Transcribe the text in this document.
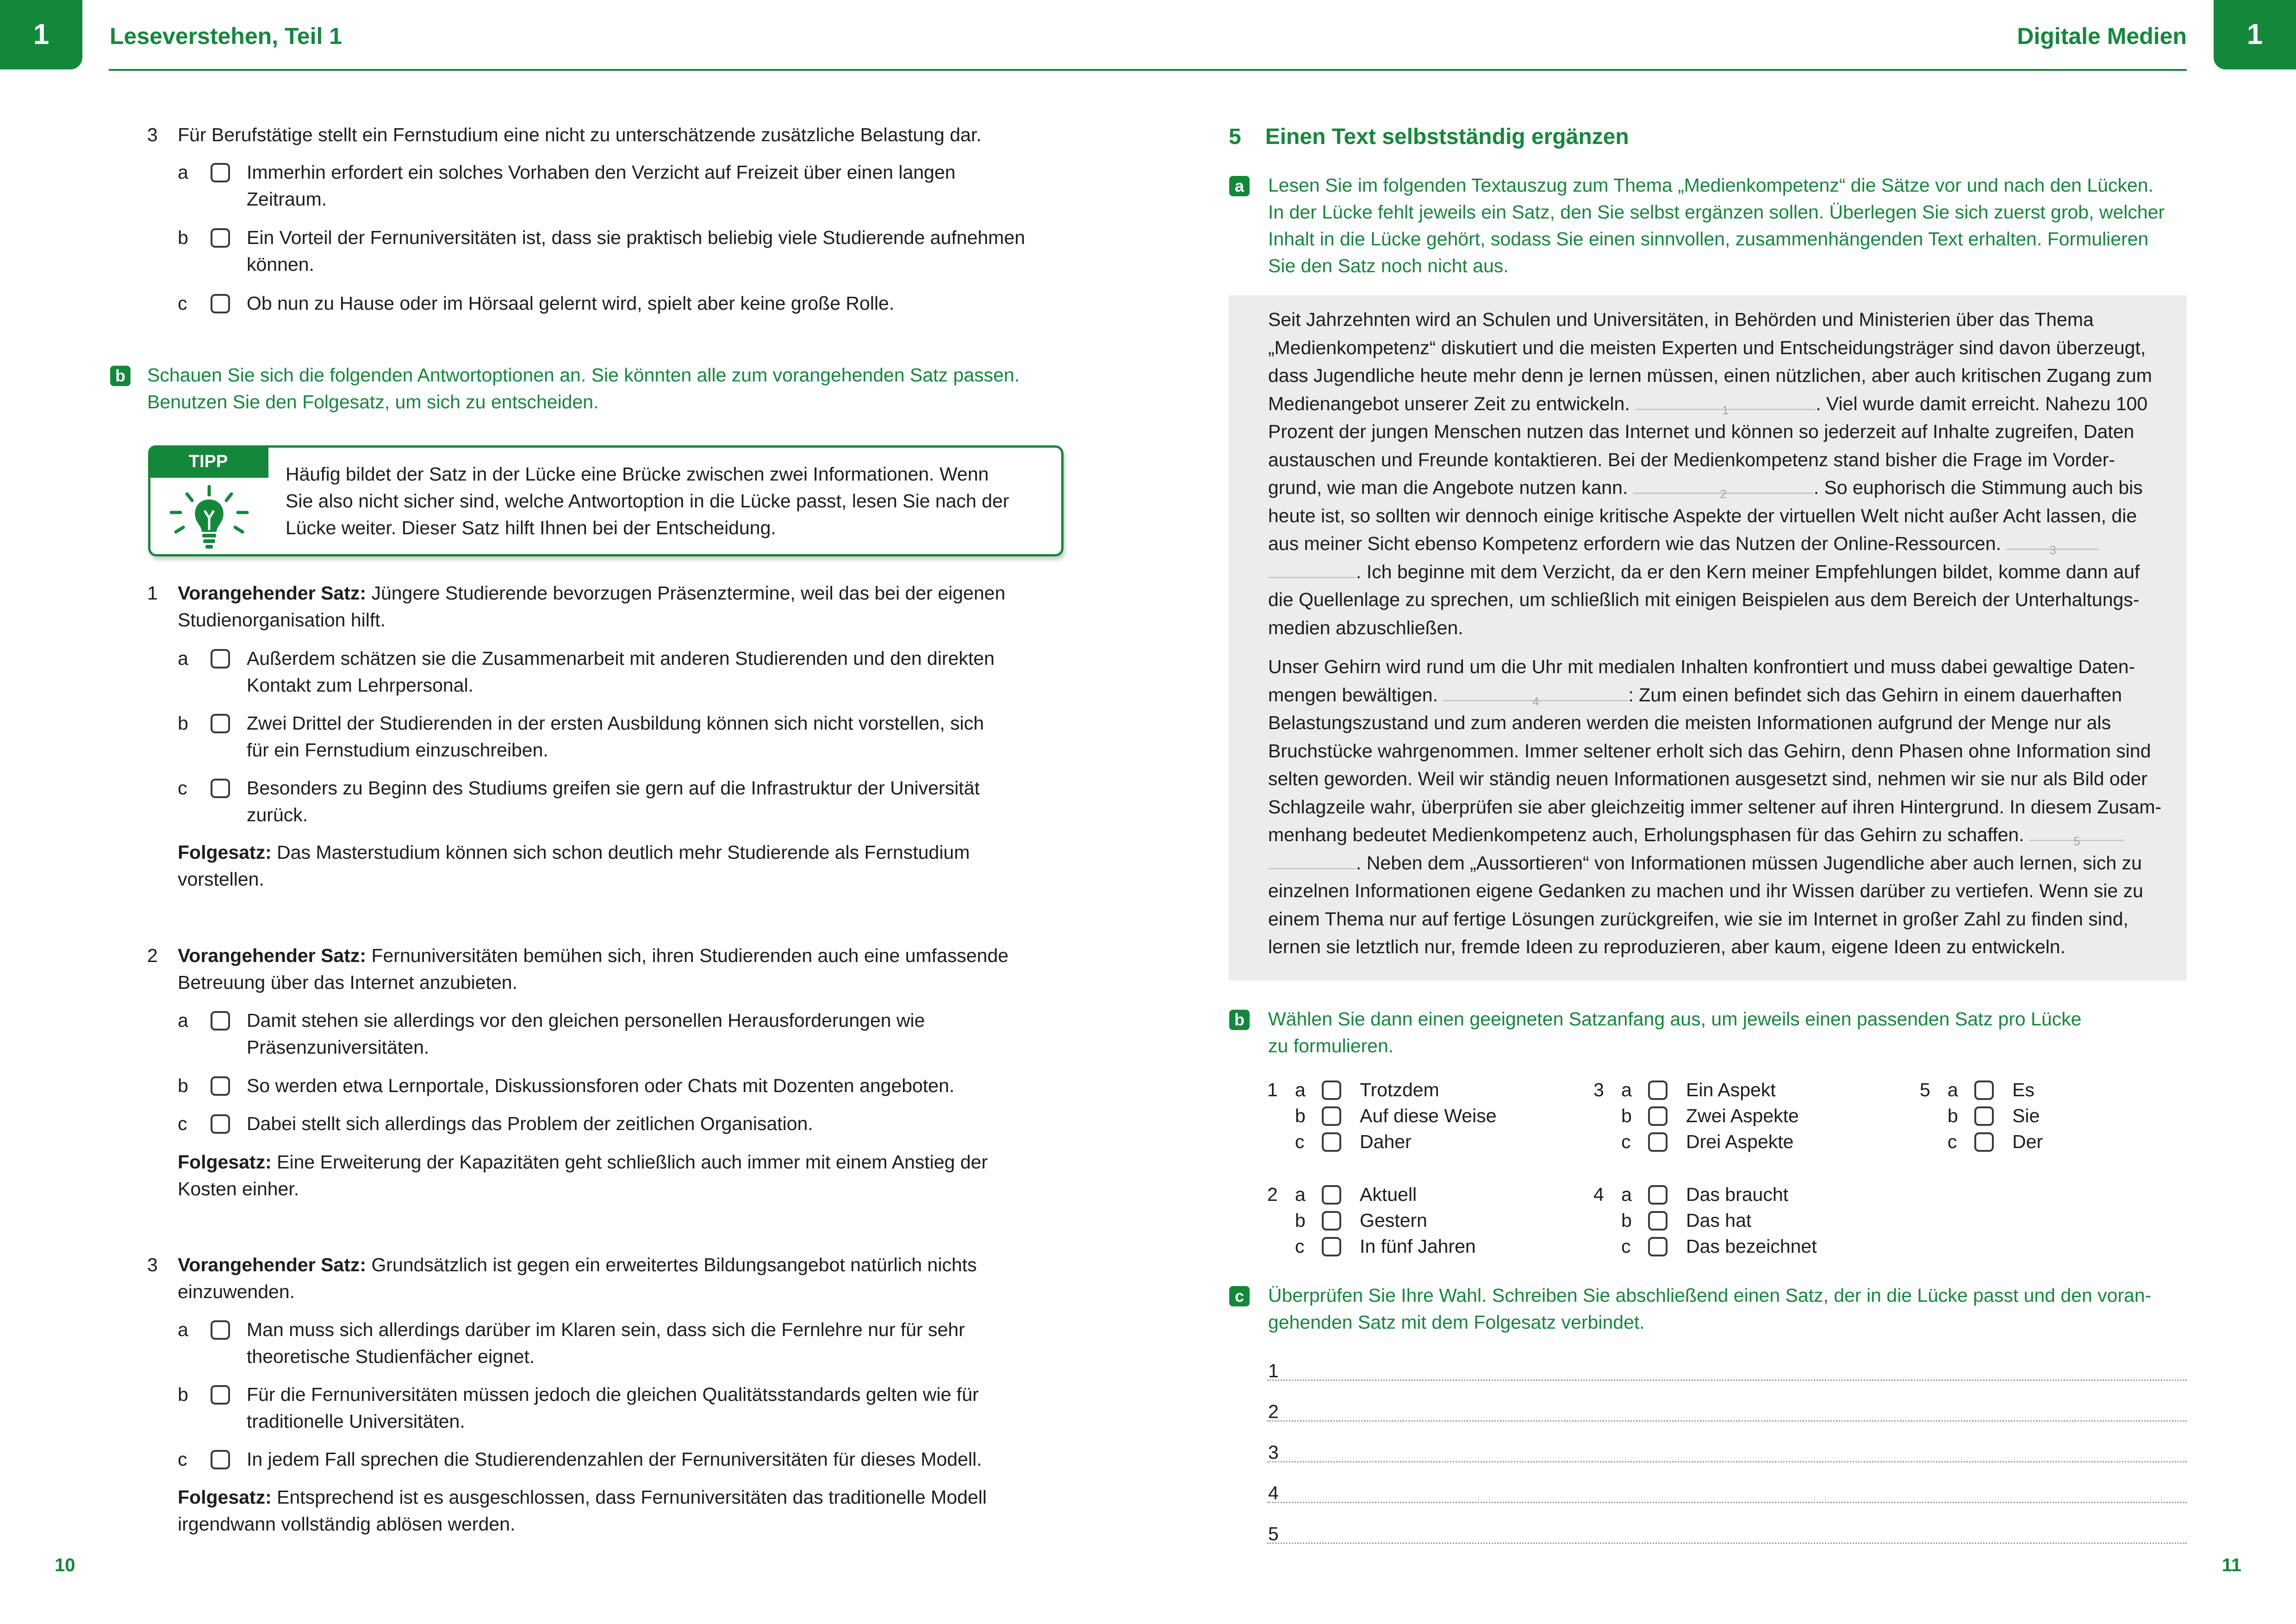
1	Leseverstehen, Teil 1	Digitale Medien	1
3 Für Berufstätige stellt ein Fernstudium eine nicht zu unterschätzende zusätzliche Belastung dar.
a	Immerhin erfordert ein solches Vorhaben den Verzicht auf Freizeit über einen langen
Zeitraum.
b	Ein Vorteil der Fernuniversitäten ist, dass sie praktisch beliebig viele Studierende aufnehmen
können.
c	Ob nun zu Hause oder im Hörsaal gelernt wird, spielt aber keine große Rolle.
b Schauen Sie sich die folgenden Antwortoptionen an. Sie könnten alle zum vorangehenden Satz passen.
Benutzen Sie den Folgesatz, um sich zu entscheiden.
TIPP
Häufig bildet der Satz in der Lücke eine Brücke zwischen zwei Informationen. Wenn
Sie also nicht sicher sind, welche Antwortoption in die Lücke passt, lesen Sie nach der
Lücke weiter. Dieser Satz hilft Ihnen bei der Entscheidung.
1 Vorangehender Satz: Jüngere Studierende bevorzugen Präsenztermine, weil das bei der eigenen
Studienorganisation hilft.
a	Außerdem schätzen sie die Zusammenarbeit mit anderen Studierenden und den direkten
Kontakt zum Lehrpersonal.
b	Zwei Drittel der Studierenden in der ersten Ausbildung können sich nicht vorstellen, sich
für ein Fernstudium einzuschreiben.
c	Besonders zu Beginn des Studiums greifen sie gern auf die Infrastruktur der Universität
zurück.
Folgesatz: Das Masterstudium können sich schon deutlich mehr Studierende als Fernstudium
vorstellen.
2 Vorangehender Satz: Fernuniversitäten bemühen sich, ihren Studierenden auch eine umfassende
Betreuung über das Internet anzubieten.
a	Damit stehen sie allerdings vor den gleichen personellen Herausforderungen wie
Präsenzuniversitäten.
b	So werden etwa Lernportale, Diskussionsforen oder Chats mit Dozenten angeboten.
c	Dabei stellt sich allerdings das Problem der zeitlichen Organisation.
Folgesatz: Eine Erweiterung der Kapazitäten geht schließlich auch immer mit einem Anstieg der
Kosten einher.
3 Vorangehender Satz: Grundsätzlich ist gegen ein erweitertes Bildungsangebot natürlich nichts
einzuwenden.
a	Man muss sich allerdings darüber im Klaren sein, dass sich die Fernlehre nur für sehr
theoretische Studienfächer eignet.
b	Für die Fernuniversitäten müssen jedoch die gleichen Qualitätsstandards gelten wie für
traditionelle Universitäten.
c	In jedem Fall sprechen die Studierendenzahlen der Fernuniversitäten für dieses Modell.
Folgesatz: Entsprechend ist es ausgeschlossen, dass Fernuniversitäten das traditionelle Modell
irgendwann vollständig ablösen werden.
10
5 Einen Text selbstständig ergänzen
a Lesen Sie im folgenden Textauszug zum Thema „Medienkompetenz“ die Sätze vor und nach den Lücken.
In der Lücke fehlt jeweils ein Satz, den Sie selbst ergänzen sollen. Überlegen Sie sich zuerst grob, welcher
Inhalt in die Lücke gehört, sodass Sie einen sinnvollen, zusammenhängenden Text erhalten. Formulieren
Sie den Satz noch nicht aus.
Seit Jahrzehnten wird an Schulen und Universitäten, in Behörden und Ministerien über das Thema
„Medienkompetenz“ diskutiert und die meisten Experten und Entscheidungsträger sind davon überzeugt,
dass Jugendliche heute mehr denn je lernen müssen, einen nützlichen, aber auch kritischen Zugang zum
Medienangebot unserer Zeit zu entwickeln.	1	. Viel wurde damit erreicht. Nahezu 100
Prozent der jungen Menschen nutzen das Internet und können so jederzeit auf Inhalte zugreifen, Daten
austauschen und Freunde kontaktieren. Bei der Medienkompetenz stand bisher die Frage im Vorder-
grund, wie man die Angebote nutzen kann.	2	. So euphorisch die Stimmung auch bis
heute ist, so sollten wir dennoch einige kritische Aspekte der virtuellen Welt nicht außer Acht lassen, die
aus meiner Sicht ebenso Kompetenz erfordern wie das Nutzen der Online-Ressourcen.	3

. Ich beginne mit dem Verzicht, da er den Kern meiner Empfehlungen bildet, komme dann auf
die Quellenlage zu sprechen, um schließlich mit einigen Beispielen aus dem Bereich der Unterhaltungs-
medien abzuschließen.
Unser Gehirn wird rund um die Uhr mit medialen Inhalten konfrontiert und muss dabei gewaltige Daten-
mengen bewältigen.	4	: Zum einen befindet sich das Gehirn in einem dauerhaften
Belastungszustand und zum anderen werden die meisten Informationen aufgrund der Menge nur als
Bruchstücke wahrgenommen. Immer seltener erholt sich das Gehirn, denn Phasen ohne Information sind
selten geworden. Weil wir ständig neuen Informationen ausgesetzt sind, nehmen wir sie nur als Bild oder
Schlagzeile wahr, überprüfen sie aber gleichzeitig immer seltener auf ihren Hintergrund. In diesem Zusam-
menhang bedeutet Medienkompetenz auch, Erholungsphasen für das Gehirn zu schaffen.	5

. Neben dem „Aussortieren“ von Informationen müssen Jugendliche aber auch lernen, sich zu
einzelnen Informationen eigene Gedanken zu machen und ihr Wissen darüber zu vertiefen. Wenn sie zu
einem Thema nur auf fertige Lösungen zurückgreifen, wie sie im Internet in großer Zahl zu finden sind,
lernen sie letztlich nur, fremde Ideen zu reproduzieren, aber kaum, eigene Ideen zu entwickeln.
b Wählen Sie dann einen geeigneten Satzanfang aus, um jeweils einen passenden Satz pro Lücke
zu formulieren.
1 a	Trotzdem
b	Auf diese Weise
c	Daher
2 a	Aktuell
b	Gestern
c	In fünf Jahren
3 a	Ein Aspekt
b	Zwei Aspekte
c	Drei Aspekte
4 a	Das braucht
b	Das hat
c	Das bezeichnet
5 a	Es
b	Sie
c	Der
c Überprüfen Sie Ihre Wahl. Schreiben Sie abschließend einen Satz, der in die Lücke passt und den voran-
gehenden Satz mit dem Folgesatz verbindet.
1
2
3
4
5
11
